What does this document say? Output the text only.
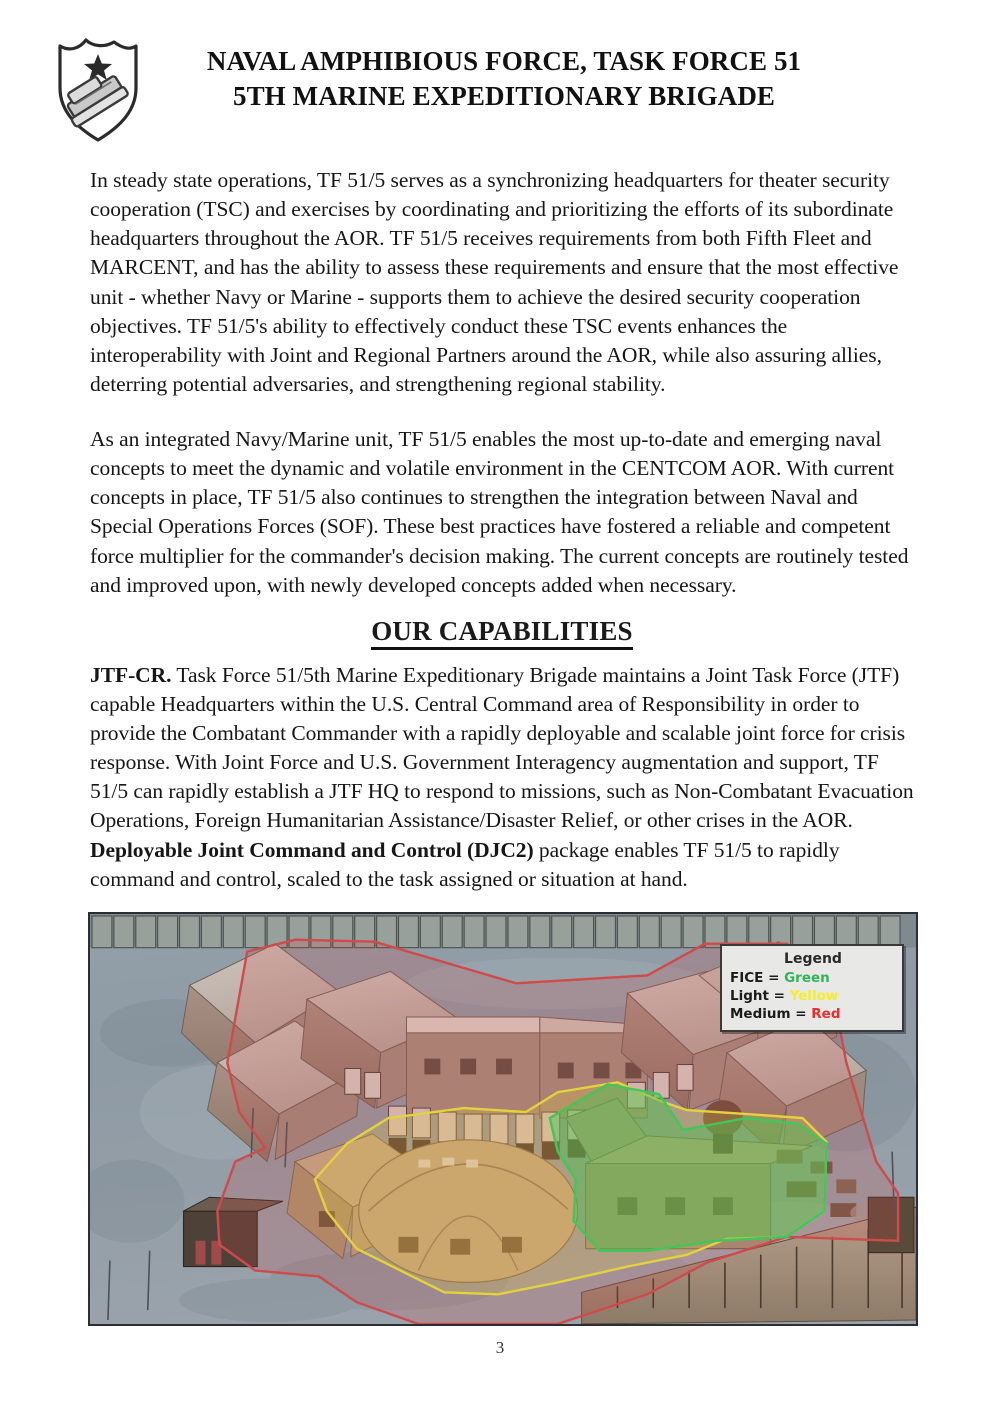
NAVAL AMPHIBIOUS FORCE, TASK FORCE 51
5TH MARINE EXPEDITIONARY BRIGADE

In steady state operations, TF 51/5 serves as a synchronizing headquarters for theater security cooperation (TSC) and exercises by coordinating and prioritizing the efforts of its subordinate headquarters throughout the AOR. TF 51/5 receives requirements from both Fifth Fleet and MARCENT, and has the ability to assess these requirements and ensure that the most effective unit - whether Navy or Marine - supports them to achieve the desired security cooperation objectives. TF 51/5's ability to effectively conduct these TSC events enhances the interoperability with Joint and Regional Partners around the AOR, while also assuring allies, deterring potential adversaries, and strengthening regional stability.

As an integrated Navy/Marine unit, TF 51/5 enables the most up-to-date and emerging naval concepts to meet the dynamic and volatile environment in the CENTCOM AOR. With current concepts in place, TF 51/5 also continues to strengthen the integration between Naval and Special Operations Forces (SOF). These best practices have fostered a reliable and competent force multiplier for the commander's decision making. The current concepts are routinely tested and improved upon, with newly developed concepts added when necessary.

OUR CAPABILITIES

JTF-CR. Task Force 51/5th Marine Expeditionary Brigade maintains a Joint Task Force (JTF) capable Headquarters within the U.S. Central Command area of Responsibility in order to provide the Combatant Commander with a rapidly deployable and scalable joint force for crisis response. With Joint Force and U.S. Government Interagency augmentation and support, TF 51/5 can rapidly establish a JTF HQ to respond to missions, such as Non-Combatant Evacuation Operations, Foreign Humanitarian Assistance/Disaster Relief, or other crises in the AOR. Deployable Joint Command and Control (DJC2) package enables TF 51/5 to rapidly command and control, scaled to the task assigned or situation at hand.

Legend
FICE = Green
Light = Yellow
Medium = Red
3
